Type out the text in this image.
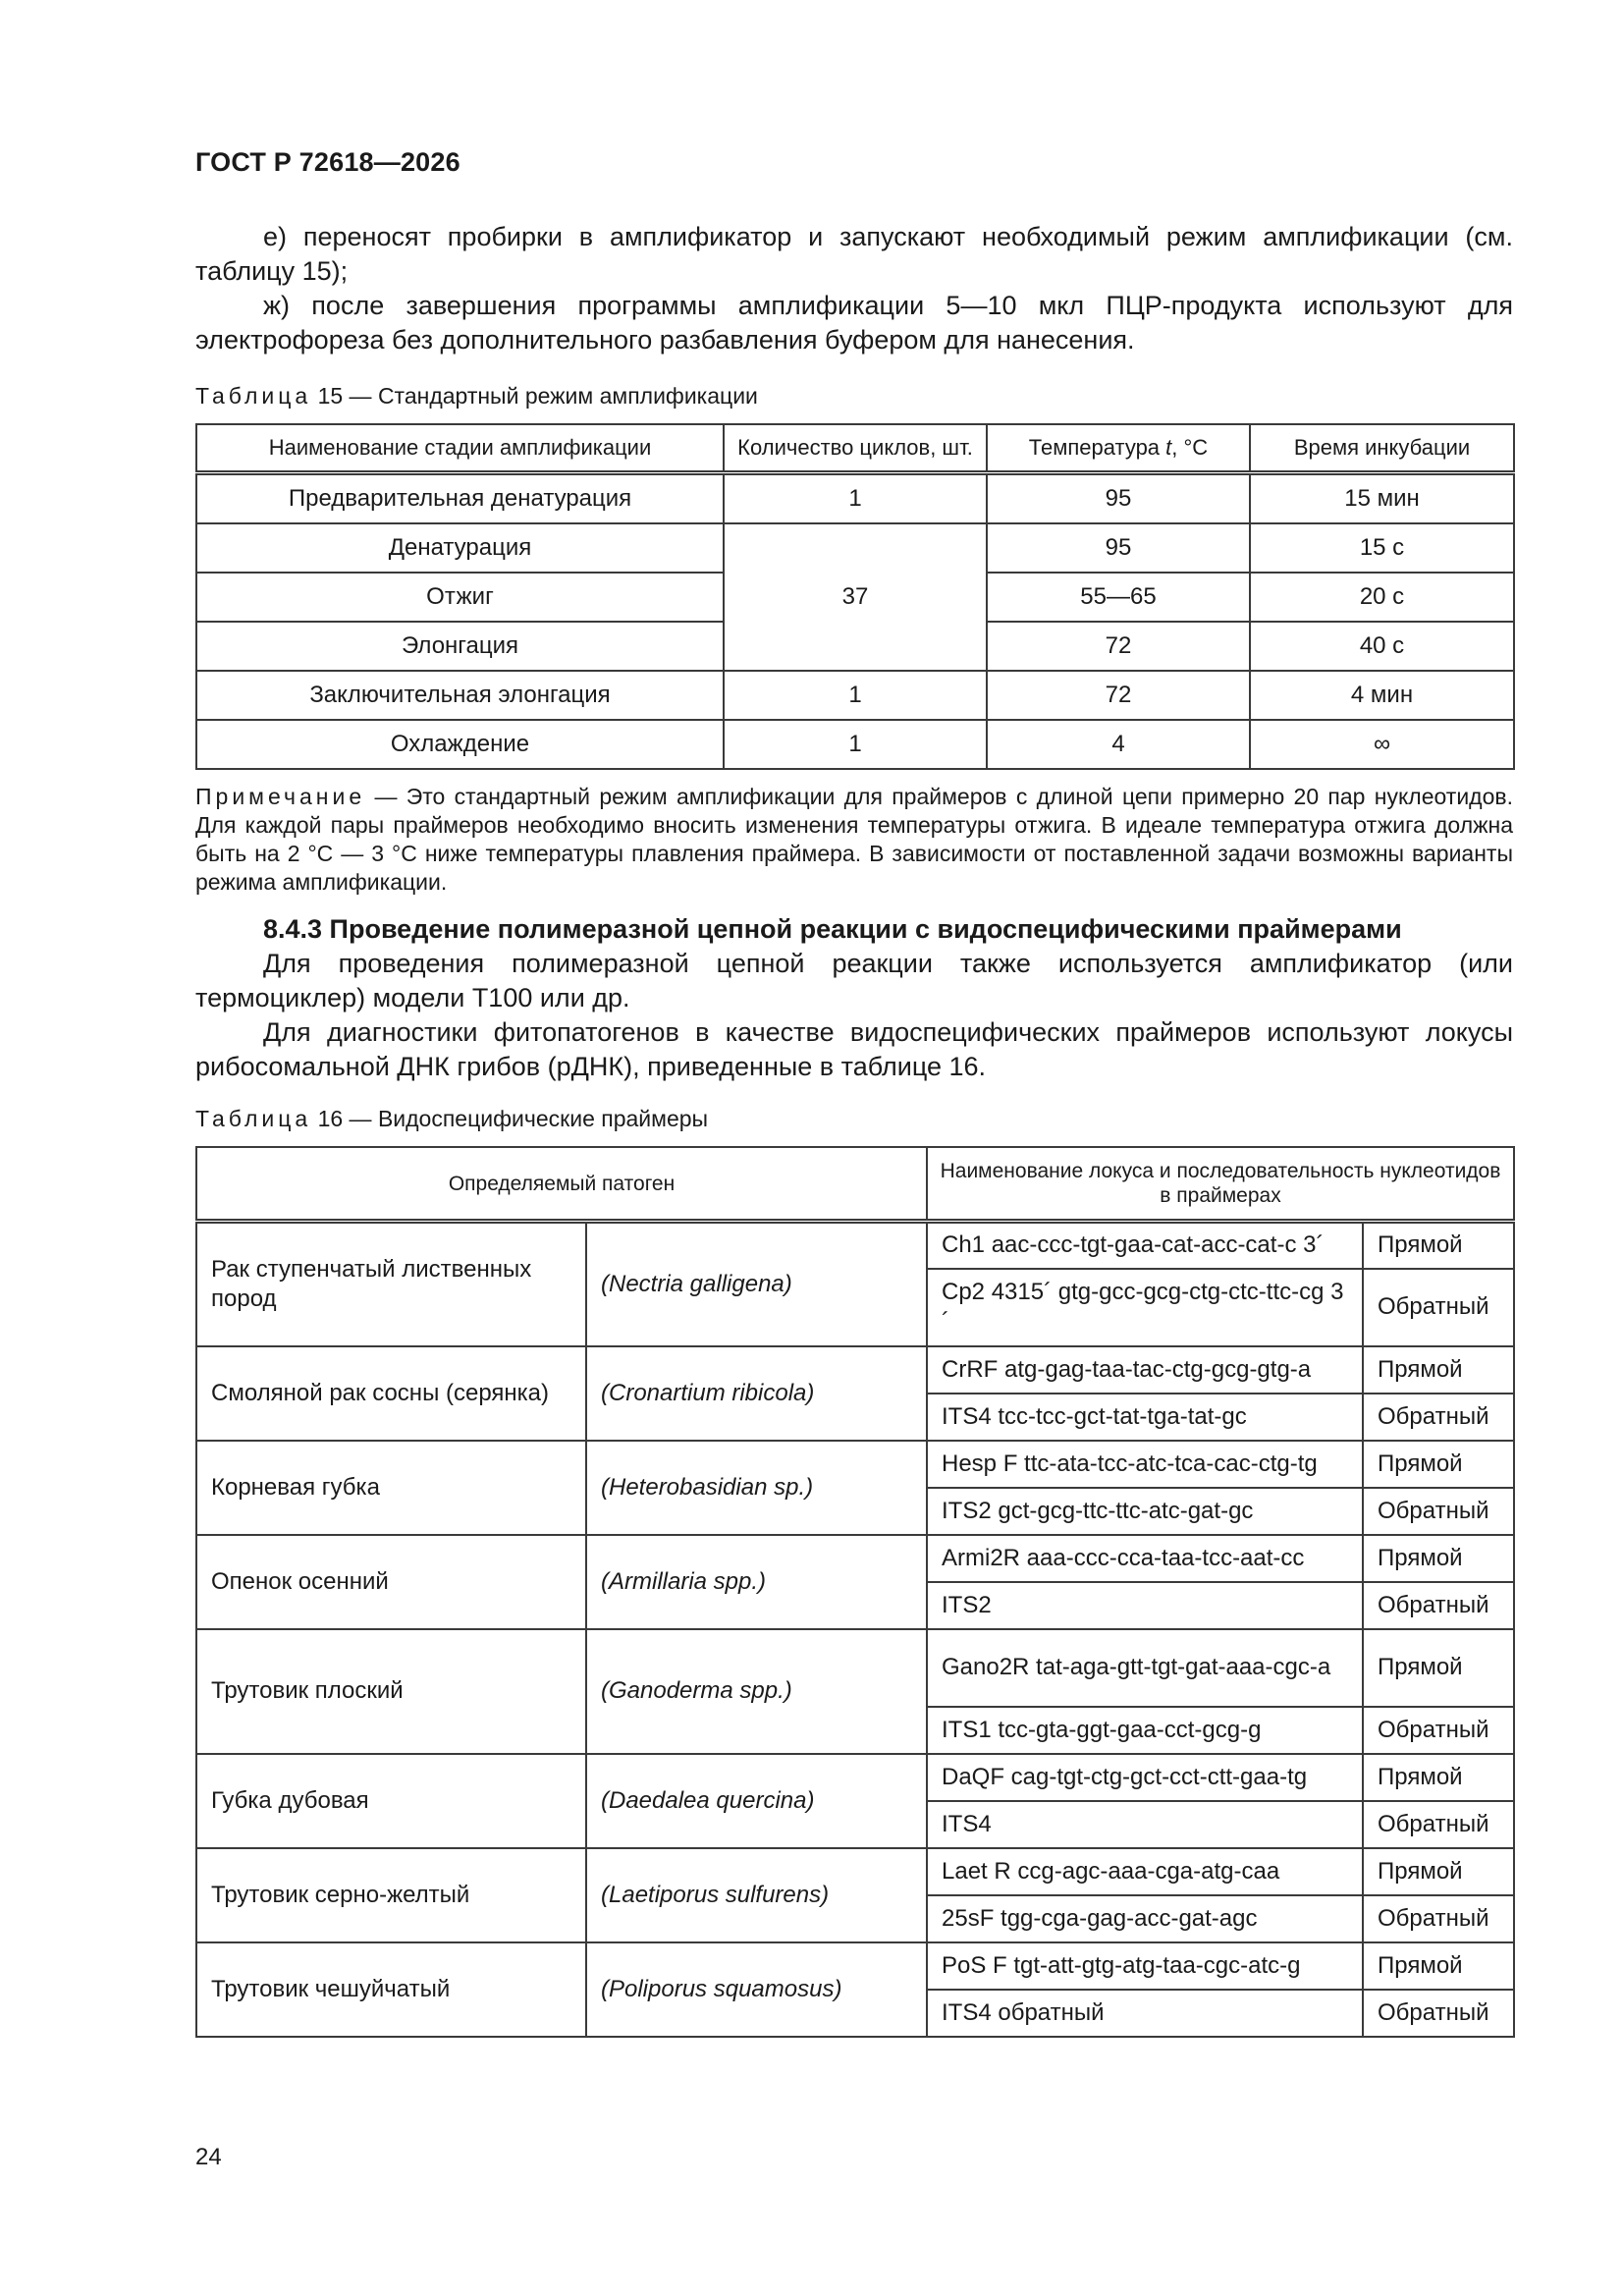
ГОСТ Р 72618—2026

е) переносят пробирки в амплификатор и запускают необходимый режим амплификации (см. таблицу 15);

ж) после завершения программы амплификации 5—10 мкл ПЦР-продукта используют для электрофореза без дополнительного разбавления буфером для нанесения.

Таблица 15 — Стандартный режим амплификации
Наименование стадии амплификации	Количество циклов, шт.	Температура t, °C	Время инкубации
Предварительная денатурация	1	95	15 мин
Денатурация	37	95	15 с
Отжиг		55—65	20 с
Элонгация		72	40 с
Заключительная элонгация	1	72	4 мин
Охлаждение	1	4	∞

Примечание — Это стандартный режим амплификации для праймеров с длиной цепи примерно 20 пар нуклеотидов. Для каждой пары праймеров необходимо вносить изменения температуры отжига. В идеале температура отжига должна быть на 2 °С — 3 °С ниже температуры плавления праймера. В зависимости от поставленной задачи возможны варианты режима амплификации.

8.4.3 Проведение полимеразной цепной реакции с видоспецифическими праймерами

Для проведения полимеразной цепной реакции также используется амплификатор (или термоциклер) модели Т100 или др.

Для диагностики фитопатогенов в качестве видоспецифических праймеров используют локусы рибосомальной ДНК грибов (рДНК), приведенные в таблице 16.

Таблица 16 — Видоспецифические праймеры
Определяемый патоген		Наименование локуса и последовательность нуклеотидов в праймерах	
Рак ступенчатый лиственных пород	(Nectria galligena)	Ch1 aac-ccc-tgt-gaa-cat-acc-cat-c 3´	Прямой
		Cp2 4315´ gtg-gcc-gcg-ctg-ctc-ttc-cg 3´	Обратный
Смоляной рак сосны (серянка)	(Cronartium ribicola)	CrRF atg-gag-taa-tac-ctg-gcg-gtg-a	Прямой
		ITS4 tcc-tcc-gct-tat-tga-tat-gc	Обратный
Корневая губка	(Heterobasidian sp.)	Hesp F ttc-ata-tcc-atc-tca-cac-ctg-tg	Прямой
		ITS2 gct-gcg-ttc-ttc-atc-gat-gc	Обратный
Опенок осенний	(Armillaria spp.)	Armi2R aaa-ccc-cca-taa-tcc-aat-cc	Прямой
		ITS2	Обратный
Трутовик плоский	(Ganoderma spp.)	Gano2R tat-aga-gtt-tgt-gat-aaa-cgc-a	Прямой
		ITS1 tcc-gta-ggt-gaa-cct-gcg-g	Обратный
Губка дубовая	(Daedalea quercina)	DaQF cag-tgt-ctg-gct-cct-ctt-gaa-tg	Прямой
		ITS4	Обратный
Трутовик серно-желтый	(Laetiporus sulfurens)	Laet R ccg-agc-aaa-cga-atg-caa	Прямой
		25sF tgg-cga-gag-acc-gat-agc	Обратный
Трутовик чешуйчатый	(Poliporus squamosus)	PoS F tgt-att-gtg-atg-taa-cgc-atc-g	Прямой
		ITS4 обратный	Обратный
24
